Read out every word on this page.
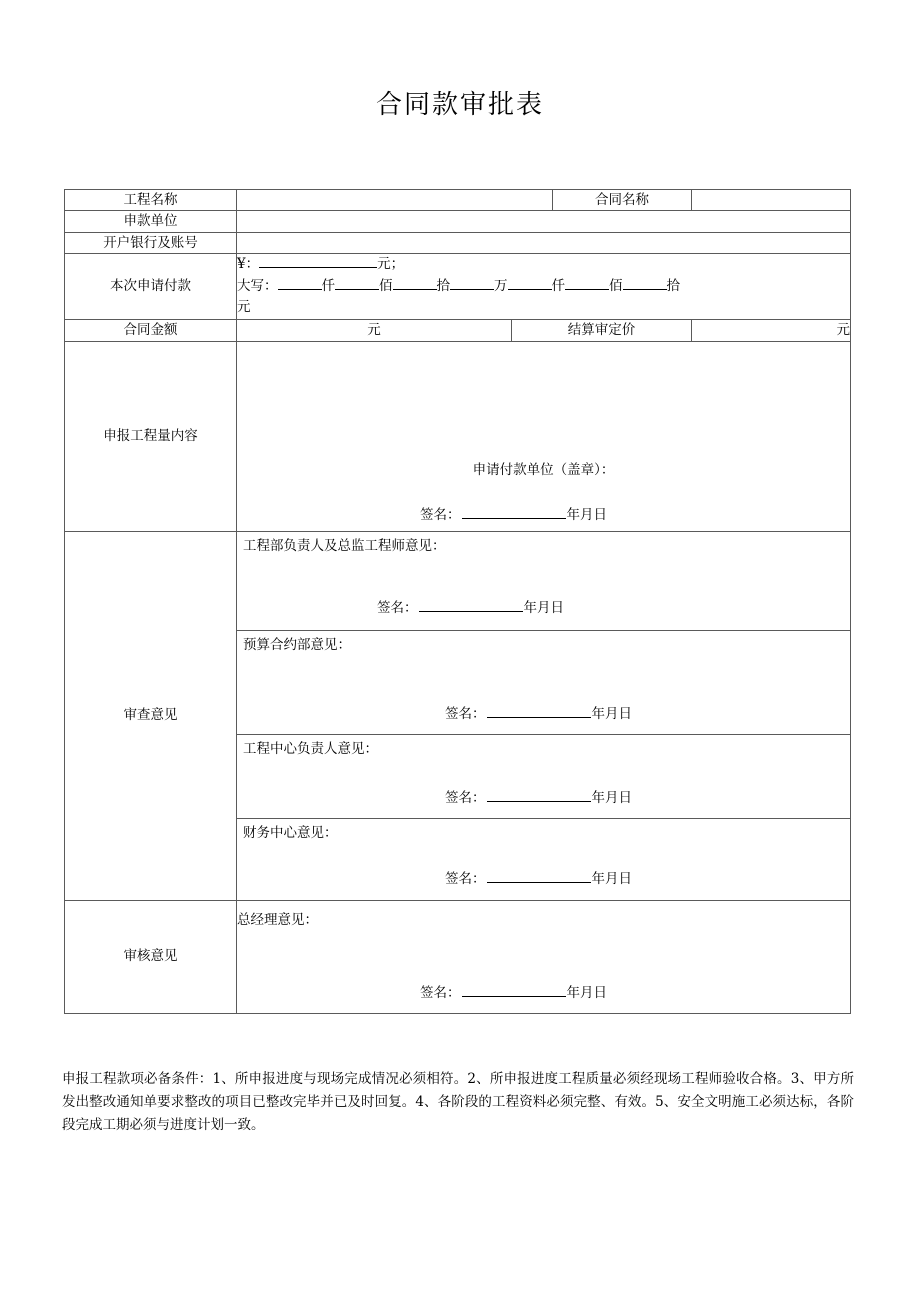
合同款审批表
工程名称		合同名称	
申款单位	
开户银行及账号	
本次申请付款	
¥：	元；
大写：	仟	佰	拾	万	仟	佰	拾
元

合同金额	元	结算审定价	元
申报工程量内容	
申请付款单位（盖章）：
签名：	年月日

审查意见	
工程部负责人及总监工程师意见：
签名：	年月日

预算合约部意见：
签名：	年月日

工程中心负责人意见：
签名：	年月日

财务中心意见：
签名：	年月日

审核意见	
总经理意见：
签名：	年月日
申报工程款项必备条件：1、所申报进度与现场完成情况必须相符。2、所申报进度工程质量必须经现场工程师验收合格。3、甲方所发出整改通知单要求整改的项目已整改完毕并已及时回复。4、各阶段的工程资料必须完整、有效。5、安全文明施工必须达标，各阶段完成工期必须与进度计划一致。
